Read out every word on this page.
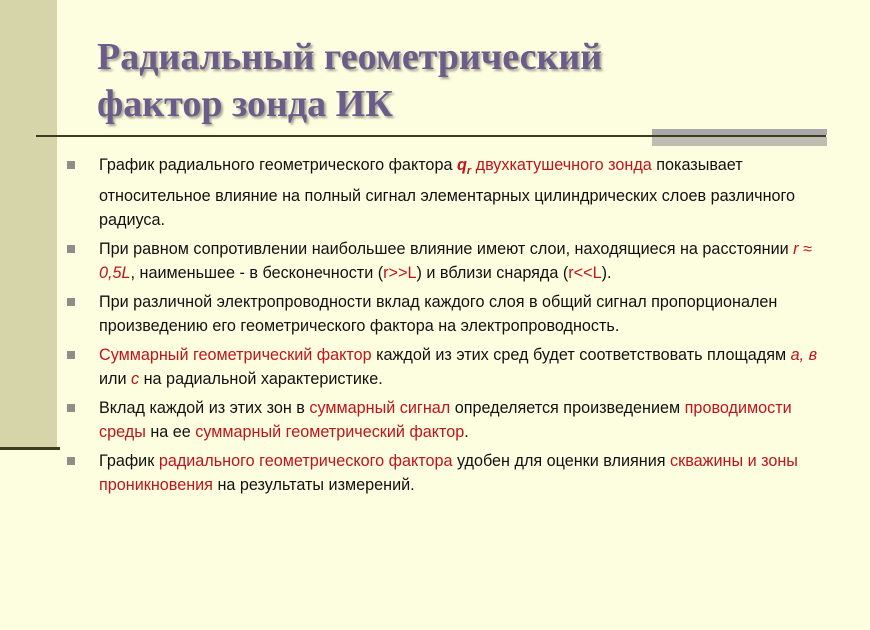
Радиальный геометрический
фактор зонда ИК
График радиального геометрического фактора $q_r$ двухкатушечного зонда показывает относительное влияние на полный сигнал элементарных цилиндрических слоев различного радиуса.
При равном сопротивлении наибольшее влияние имеют слои, находящиеся на расстоянии r ≈ 0,5L, наименьшее - в бесконечности (r>>L) и вблизи снаряда (r<<L).
При различной электропроводности вклад каждого слоя в общий сигнал пропорционален произведению его геометрического фактора на электропроводность.
Суммарный геометрический фактор каждой из этих сред будет соответствовать площадям а, в или с на радиальной характеристике.
Вклад каждой из этих зон в суммарный сигнал определяется произведением проводимости среды на ее суммарный геометрический фактор.
График радиального геометрического фактора удобен для оценки влияния скважины и зоны проникновения на результаты измерений.
